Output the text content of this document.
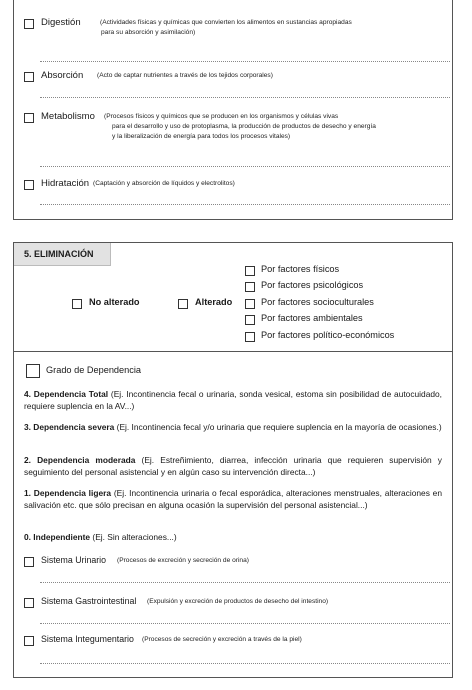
Digestión	(Actividades físicas y químicas que convierten los alimentos en sustancias apropiadas
para su absorción y asimilación)
Absorción (Acto de captar nutrientes a través de los tejidos corporales)
Metabolismo (Procesos físicos y químicos que se producen en los organismos y células vivas
para el desarrollo y uso de protoplasma, la producción de productos de desecho y energía
y la liberalización de energía para todos los procesos vitales)
Hidratación (Captación y absorción de líquidos y electrolitos)
5. ELIMINACIÓN
No alterado	Alterado
Por factores físicos
Por factores psicológicos
Por factores socioculturales
Por factores ambientales
Por factores político-económicos
Grado de Dependencia
4. Dependencia Total (Ej. Incontinencia fecal o urinaria, sonda vesical, estoma sin posibilidad de autocuidado, requiere suplencia en la AV...)
3. Dependencia severa (Ej. Incontinencia fecal y/o urinaria que requiere suplencia en la mayoría de ocasiones.)
2. Dependencia moderada (Ej. Estreñimiento, diarrea, infección urinaria que requieren supervisión y seguimiento del personal asistencial y en algún caso su intervención directa...)
1. Dependencia ligera (Ej. Incontinencia urinaria o fecal esporádica, alteraciones menstruales, alteraciones en salivación etc. que sólo precisan en alguna ocasión la supervisión del personal asistencial...)
0. Independiente (Ej. Sin alteraciones...)
Sistema Urinario (Procesos de excreción y secreción de orina)
Sistema Gastrointestinal (Expulsión y excreción de productos de desecho del intestino)
Sistema Integumentario (Procesos de secreción y excreción a través de la piel)
